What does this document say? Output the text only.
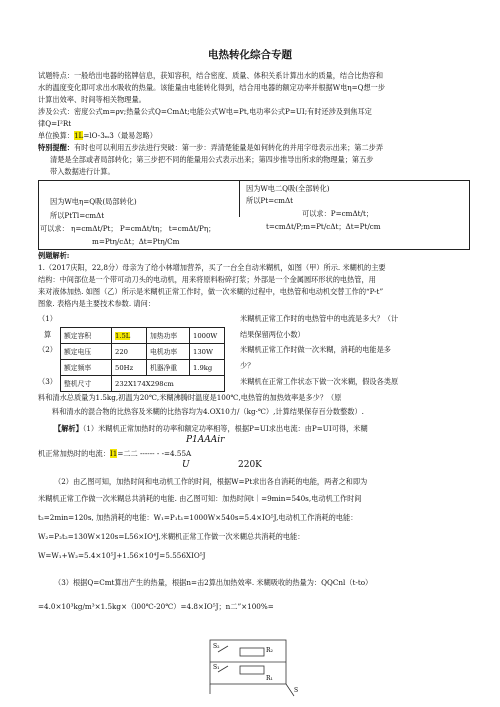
电热转化综合专题
试题特点：一般给出电器的铭牌信息，获知容积，结合密度、质量、体积关系计算出水的质量，结合比热容和
水的温度变化即可求出水吸收的热量。该能量由电能转化得到，结合用电器的额定功率并根据W电η=Q想一步
计算出效率、时间等相关物理量。
涉及公式：密度公式m=ρv;热量公式Q=CmΔt;电能公式W电=Pt,电功率公式P=UI;有时还涉及到焦耳定
律Q=I²Rt
单位换算：1L=lO-3ₘ3（最易忽略）
特别提醒：有时也可以利用五步法进行突破：第一步：弄清楚能量是如何转化的并用字母表示出来；第二步弄
清楚是全部或者局部转化；第三步把不同的能量用公式表示出来；第四步推导出所求的物理量；第五步
带入数据进行计算。
因为W电二Q吸(全部转化)
所以Pt=cmΔt
因为W电η=Q吸(局部转化)
可以求：P=cmΔt/t；
所以PtTl=cmΔt
t=cmΔt/P;m=Pt/cΔt；Δt=Pt/cm
可以求： η=cmΔt/Pt； P=cmΔt/tη； t=cmΔt/Pη；
m=Ptη/cΔt；Δt=Ptη/Cm
例题解析:
1.（2017庆阳，22,8分）母亲为了给小林增加营养，买了一台全自动米糊机，如图（甲）所示. 米糊机的主要
结构：中间部位是一个带可动刀头的电动机，用来将原料粉碎打浆；外部是一个金属圆环形状的电热管，用
来对液体加热. 如图（乙）所示是米糊机正常工作时，做一次米糊的过程中，电热管和电动机交替工作的“P-t”
图象. 表格内是主要技术参数. 请问：
（1）	米糊机正常工作时的电热管中的电流是多大？（计
算	结果保留两位小数）
（2）	米糊机正常工作时做一次米糊，消耗的电能是多
少？
（3）	米糊机在正常工作状态下做一次米糊，假设各类原
料和清水总质量为1.5kg,初温为20℃,米糊沸腾时温度是100℃,电热管的加热效率是多少？（原
料和清水的混合物的比热容及米糊的比热容均为4.OX10力/（kg·℃）,计算结果保存百分数整数）.
额定容积	1.5L	加热功率	1000W
额定电压	220	电机功率	130W
额定频率	50Hz	机器净重	1.9kg
整机尺寸	232X174X298cm		
【解析】（1）米糊机正常加热时的功率和额定功率相等，根据P=UI求出电流：由P=UI可得，米糊
P1AAAir
机正常加热时的电流：I1=二二 ------ - -=4.55A
U	220K
（2）由乙图可知，加热时间和电动机工作的时间，根据W=Pt求出各自消耗的电能，两者之和即为
米糊机正常工作做一次米糊总共消耗的电能. 由乙图可知：加热时间t｜=9min=540s,电动机工作时间
t₂=2min=120s, 加热消耗的电能：W₁=P₁t₁=1000W×540s=5.4×IO⁵J,电动机工作消耗的电能：
W₂=P₂t₂=130W×120s=L56×IO⁴J,米糊机正常工作做一次米糊总共消耗的电能：
W=W₁+W₂=5.4×10⁵J+1.56×10⁴J=5.556XIO⁵J
（3）根据Q=Cmt算出产生的热量，根据n=击2算出加热效率. 米糊吸收的热量为：QQCnl（t-to）
=4.0×10³kg/m³×1.5kg×（l00℃-20℃）=4.8×IO⁵J；n二”×100%=
S₂
R₂
S₁
R₁
S
